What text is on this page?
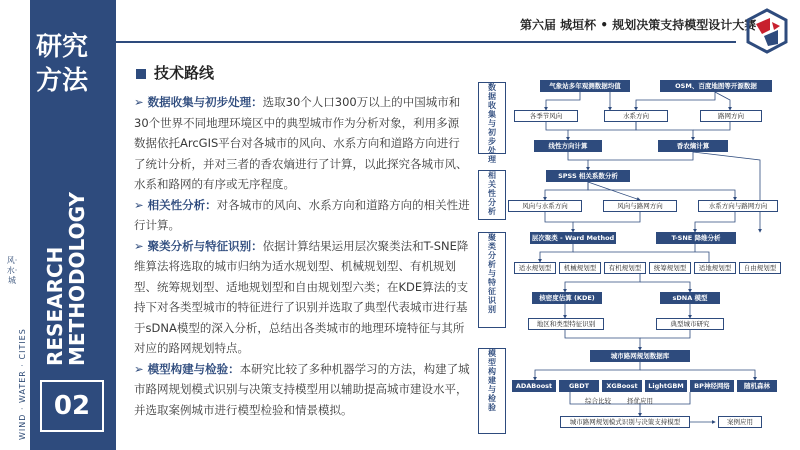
风·水·城
WIND · WATER · CITIES
研究方法
RESEARCH
METHODOLOGY
02
第六届 城垣杯 • 规划决策支持模型设计大赛
技术路线
➢ 数据收集与初步处理：选取30个人口300万以上的中国城市和30个世界不同地理环境区中的典型城市作为分析对象，利用多源数据依托ArcGIS平台对各城市的风向、水系方向和道路方向进行了统计分析，并对三者的香农熵进行了计算，以此探究各城市风、水系和路网的有序或无序程度。
➢ 相关性分析：对各城市的风向、水系方向和道路方向的相关性进行计算。
➢ 聚类分析与特征识别：依据计算结果运用层次聚类法和T-SNE降维算法将选取的城市归纳为适水规划型、机械规划型、有机规划型、统筹规划型、适地规划型和自由规划型六类；在KDE算法的支持下对各类型城市的特征进行了识别并选取了典型代表城市进行基于sDNA模型的深入分析，总结出各类城市的地理环境特征与其所对应的路网规划特点。
➢ 模型构建与检验：本研究比较了多种机器学习的方法，构建了城市路网规划模式识别与决策支持模型用以辅助提高城市建设水平，并选取案例城市进行模型检验和情景模拟。
数据收集与初步处理
相关性分析
聚类分析与特征识别
模型构建与检验
气象站多年观测数据均值	OSM、百度地图等开源数据
各季节风向	水系方向	路网方向
线性方向计算	香农熵计算
SPSS 相关系数分析
风向与水系方向	风向与路网方向	水系方向与路网方向
层次聚类 - Ward Method	T-SNE 降维分析
适水规划型	机械规划型	有机规划型	统筹规划型	适地规划型	自由规划型
核密度估算 (KDE)	sDNA 模型
地区和类型特征识别	典型城市研究
城市路网规划数据库
ADABoost	GBDT	XGBoost	LightGBM	BP神经网络	随机森林
综合比较	择优应用
城市路网规划模式识别与决策支持模型	案例应用
